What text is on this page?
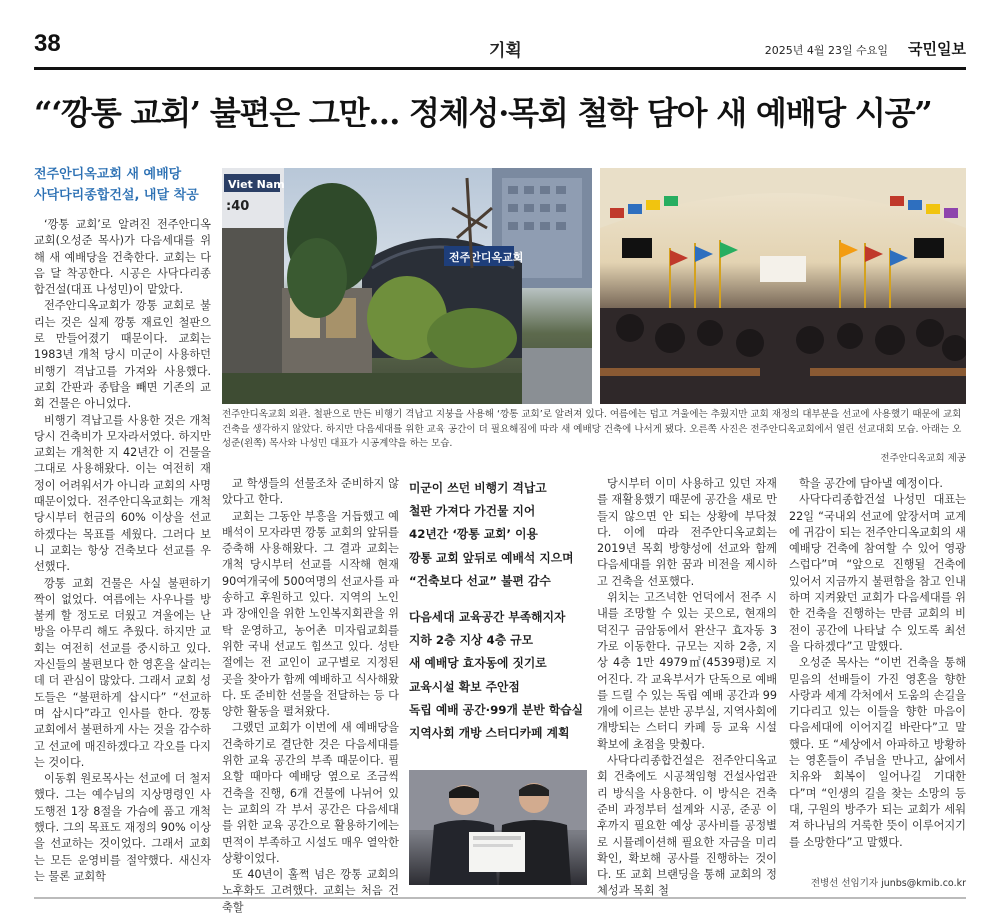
38	기획	2025년 4월 23일 수요일 국민일보
“‘깡통 교회’ 불편은 그만… 정체성·목회 철학 담아 새 예배당 시공”
전주안디옥교회 새 예배당
사닥다리종합건설, 내달 착공
Viet Nam
:40
전주안디옥교회
전주안디옥교회 외관. 철판으로 만든 비행기 격납고 지붕을 사용해 ‘깡통 교회’로 알려져 있다. 여름에는 덥고 겨울에는 추웠지만 교회 재정의 대부분을 선교에 사용했기 때문에 교회 건축을 생각하지 않았다. 하지만 다음세대를 위한 교육 공간이 더 필요해짐에 따라 새 예배당 건축에 나서게 됐다. 오른쪽 사진은 전주안디옥교회에서 열린 선교대회 모습. 아래는 오성준(왼쪽) 목사와 나성민 대표가 시공계약을 하는 모습.
전주안디옥교회 제공

‘깡통 교회’로 알려진 전주안디옥교회(오성준 목사)가 다음세대를 위해 새 예배당을 건축한다. 교회는 다음 달 착공한다. 시공은 사닥다리종합건설(대표 나성민)이 맡았다.

전주안디옥교회가 깡통 교회로 불리는 것은 실제 깡통 재료인 철판으로 만들어졌기 때문이다. 교회는 1983년 개척 당시 미군이 사용하던 비행기 격납고를 가져와 사용했다. 교회 간판과 종탑을 빼면 기존의 교회 건물은 아니었다.

비행기 격납고를 사용한 것은 개척 당시 건축비가 모자라서였다. 하지만 교회는 개척한 지 42년간 이 건물을 그대로 사용해왔다. 이는 여전히 재정이 어려워서가 아니라 교회의 사명 때문이었다. 전주안디옥교회는 개척 당시부터 헌금의 60% 이상을 선교하겠다는 목표를 세웠다. 그러다 보니 교회는 항상 건축보다 선교를 우선했다.

깡통 교회 건물은 사실 불편하기 짝이 없었다. 여름에는 사우나를 방불케 할 정도로 더웠고 겨울에는 난방을 아무리 해도 추웠다. 하지만 교회는 여전히 선교를 중시하고 있다. 자신들의 불편보다 한 영혼을 살리는 데 더 관심이 많았다. 그래서 교회 성도들은 “불편하게 삽시다” “선교하며 삽시다”라고 인사를 한다. 깡통 교회에서 불편하게 사는 것을 감수하고 선교에 매진하겠다고 각오를 다지는 것이다.

이동휘 원로목사는 선교에 더 철저했다. 그는 예수님의 지상명령인 사도행전 1장 8절을 가슴에 품고 개척했다. 그의 목표도 재정의 90% 이상을 선교하는 것이었다. 그래서 교회는 모든 운영비를 절약했다. 새신자는 물론 교회학

교 학생들의 선물조차 준비하지 않았다고 한다.

교회는 그동안 부흥을 거듭했고 예배석이 모자라면 깡통 교회의 앞뒤를 증축해 사용해왔다. 그 결과 교회는 개척 당시부터 선교를 시작해 현재 90여개국에 500여명의 선교사를 파송하고 후원하고 있다. 지역의 노인과 장애인을 위한 노인복지회관을 위탁 운영하고, 농어촌 미자립교회를 위한 국내 선교도 힘쓰고 있다. 성탄절에는 전 교인이 교구별로 지정된 곳을 찾아가 함께 예배하고 식사해왔다. 또 준비한 선물을 전달하는 등 다양한 활동을 펼쳐왔다.

그랬던 교회가 이번에 새 예배당을 건축하기로 결단한 것은 다음세대를 위한 교육 공간의 부족 때문이다. 필요할 때마다 예배당 옆으로 조금씩 건축을 진행, 6개 건물에 나뉘어 있는 교회의 각 부서 공간은 다음세대를 위한 교육 공간으로 활용하기에는 면적이 부족하고 시설도 매우 열악한 상황이었다.

또 40년이 훌쩍 넘은 깡통 교회의 노후화도 고려했다. 교회는 처음 건축할

미군이 쓰던 비행기 격납고
철판 가져다 가건물 지어
42년간 ‘깡통 교회’ 이용
깡통 교회 앞뒤로 예배석 지으며
“건축보다 선교” 불편 감수
다음세대 교육공간 부족해지자
지하 2층 지상 4층 규모
새 예배당 효자동에 짓기로
교육시설 확보 주안점
독립 예배 공간·99개 분반 학습실
지역사회 개방 스터디카페 계획

당시부터 이미 사용하고 있던 자재를 재활용했기 때문에 공간을 새로 만들지 않으면 안 되는 상황에 부닥쳤다. 이에 따라 전주안디옥교회는 2019년 목회 방향성에 선교와 함께 다음세대를 위한 꿈과 비전을 제시하고 건축을 선포했다.

위치는 고즈넉한 언덕에서 전주 시내를 조망할 수 있는 곳으로, 현재의 덕진구 금암동에서 완산구 효자동 3가로 이동한다. 규모는 지하 2층, 지상 4층 1만 4979㎡(4539평)로 지어진다. 각 교육부서가 단독으로 예배를 드릴 수 있는 독립 예배 공간과 99개에 이르는 분반 공부실, 지역사회에 개방되는 스터디 카페 등 교육 시설 확보에 초점을 맞췄다.

사닥다리종합건설은 전주안디옥교회 건축에도 시공책임형 건설사업관리 방식을 사용한다. 이 방식은 건축 준비 과정부터 설계와 시공, 준공 이후까지 필요한 예상 공사비를 공정별로 시뮬레이션해 필요한 자금을 미리 확인, 확보해 공사를 진행하는 것이다. 또 교회 브랜딩을 통해 교회의 정체성과 목회 철

학을 공간에 담아낼 예정이다.

사닥다리종합건설 나성민 대표는 22일 “국내외 선교에 앞장서며 교계에 귀감이 되는 전주안디옥교회의 새 예배당 건축에 참여할 수 있어 영광스럽다”며 “앞으로 진행될 건축에 있어서 지금까지 불편함을 참고 인내하며 지켜왔던 교회가 다음세대를 위한 건축을 진행하는 만큼 교회의 비전이 공간에 나타날 수 있도록 최선을 다하겠다”고 말했다.

오성준 목사는 “이번 건축을 통해 믿음의 선배들이 가진 영혼을 향한 사랑과 세계 각처에서 도움의 손길을 기다리고 있는 이들을 향한 마음이 다음세대에 이어지길 바란다”고 말했다. 또 “세상에서 아파하고 방황하는 영혼들이 주님을 만나고, 삶에서 치유와 회복이 일어나길 기대한다”며 “인생의 길을 찾는 소망의 등대, 구원의 방주가 되는 교회가 세워져 하나님의 거룩한 뜻이 이루어지기를 소망한다”고 말했다.

전병선 선임기자 junbs@kmib.co.kr
